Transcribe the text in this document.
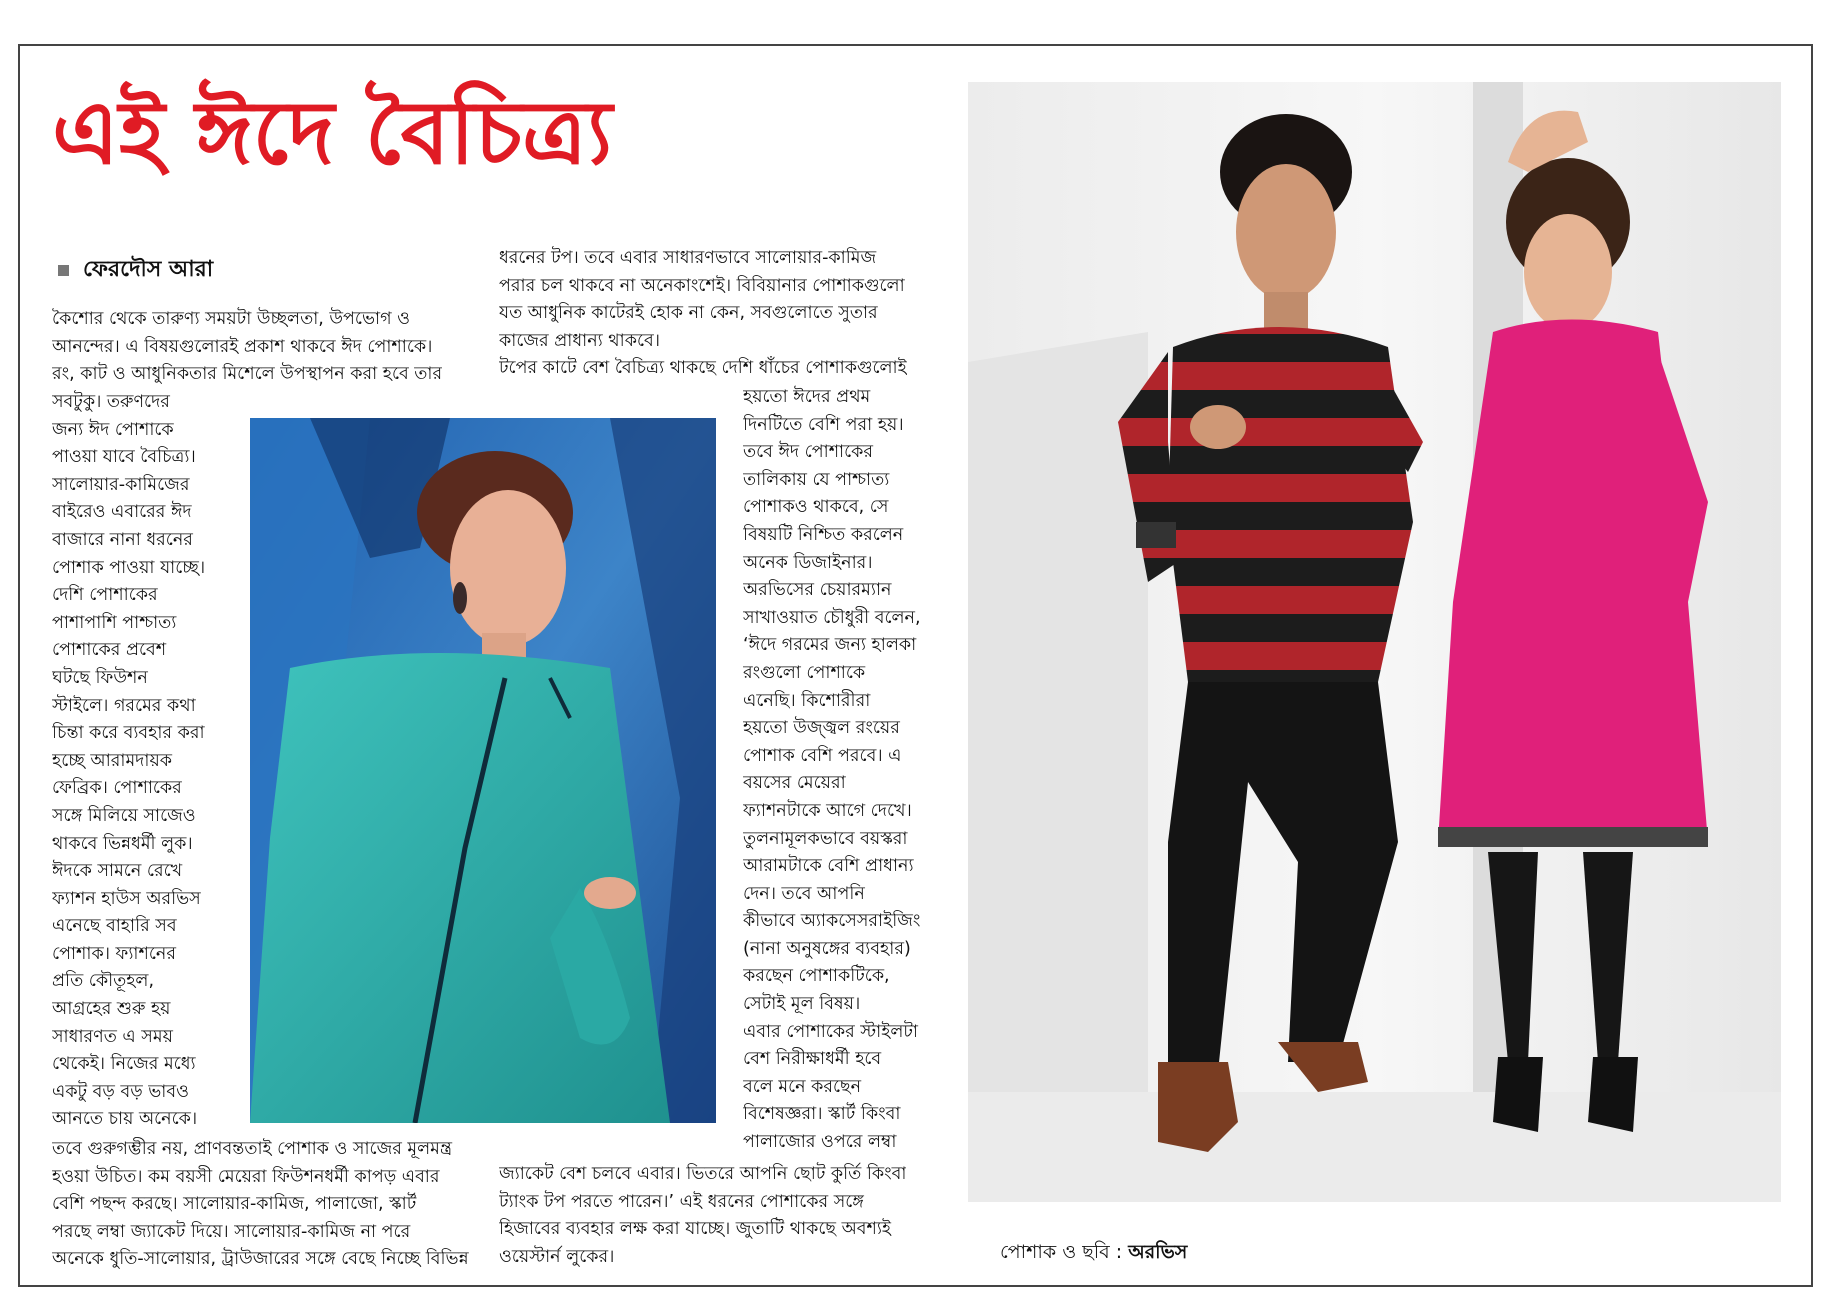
এই ঈদে বৈচিত্র্য
ফেরদৌস আরা
কৈশোর থেকে তারুণ্য সময়টা উচ্ছলতা, উপভোগ ও
আনন্দের। এ বিষয়গুলোরই প্রকাশ থাকবে ঈদ পোশাকে।
রং, কাট ও আধুনিকতার মিশেলে উপস্থাপন করা হবে তার
সবটুকু। তরুণদের
জন্য ঈদ পোশাকে
পাওয়া যাবে বৈচিত্র্য।
সালোয়ার-কামিজের
বাইরেও এবারের ঈদ
বাজারে নানা ধরনের
পোশাক পাওয়া যাচ্ছে।
দেশি পোশাকের
পাশাপাশি পাশ্চাত্য
পোশাকের প্রবেশ
ঘটছে ফিউশন
স্টাইলে। গরমের কথা
চিন্তা করে ব্যবহার করা
হচ্ছে আরামদায়ক
ফেব্রিক। পোশাকের
সঙ্গে মিলিয়ে সাজেও
থাকবে ভিন্নধর্মী লুক।
ঈদকে সামনে রেখে
ফ্যাশন হাউস অরভিস
এনেছে বাহারি সব
পোশাক। ফ্যাশনের
প্রতি কৌতূহল,
আগ্রহের শুরু হয়
সাধারণত এ সময়
থেকেই। নিজের মধ্যে
একটু বড় বড় ভাবও
আনতে চায় অনেকে।
তবে গুরুগম্ভীর নয়, প্রাণবন্ততাই পোশাক ও সাজের মূলমন্ত্র
হওয়া উচিত। কম বয়সী মেয়েরা ফিউশনধর্মী কাপড় এবার
বেশি পছন্দ করছে। সালোয়ার-কামিজ, পালাজো, স্কার্ট
পরছে লম্বা জ্যাকেট দিয়ে। সালোয়ার-কামিজ না পরে
অনেকে ধুতি-সালোয়ার, ট্রাউজারের সঙ্গে বেছে নিচ্ছে বিভিন্ন
ধরনের টপ। তবে এবার সাধারণভাবে সালোয়ার-কামিজ
পরার চল থাকবে না অনেকাংশেই। বিবিয়ানার পোশাকগুলো
যত আধুনিক কাটেরই হোক না কেন, সবগুলোতে সুতার
কাজের প্রাধান্য থাকবে।
টপের কাটে বেশ বৈচিত্র্য থাকছে দেশি ধাঁচের পোশাকগুলোই
হয়তো ঈদের প্রথম
দিনটিতে বেশি পরা হয়।
তবে ঈদ পোশাকের
তালিকায় যে পাশ্চাত্য
পোশাকও থাকবে, সে
বিষয়টি নিশ্চিত করলেন
অনেক ডিজাইনার।
অরভিসের চেয়ারম্যান
সাখাওয়াত চৌধুরী বলেন,
‘ঈদে গরমের জন্য হালকা
রংগুলো পোশাকে
এনেছি। কিশোরীরা
হয়তো উজ্জ্বল রংয়ের
পোশাক বেশি পরবে। এ
বয়সের মেয়েরা
ফ্যাশনটাকে আগে দেখে।
তুলনামূলকভাবে বয়স্করা
আরামটাকে বেশি প্রাধান্য
দেন। তবে আপনি
কীভাবে অ্যাকসেসরাইজিং
(নানা অনুষঙ্গের ব্যবহার)
করছেন পোশাকটিকে,
সেটাই মূল বিষয়।
এবার পোশাকের স্টাইলটা
বেশ নিরীক্ষাধর্মী হবে
বলে মনে করছেন
বিশেষজ্ঞরা। স্কার্ট কিংবা
পালাজোর ওপরে লম্বা
জ্যাকেট বেশ চলবে এবার। ভিতরে আপনি ছোট কুর্তি কিংবা
ট্যাংক টপ পরতে পারেন।’ এই ধরনের পোশাকের সঙ্গে
হিজাবের ব্যবহার লক্ষ করা যাচ্ছে। জুতাটি থাকছে অবশ্যই
ওয়েস্টার্ন লুকের।	পোশাক ও ছবি : অরভিস
